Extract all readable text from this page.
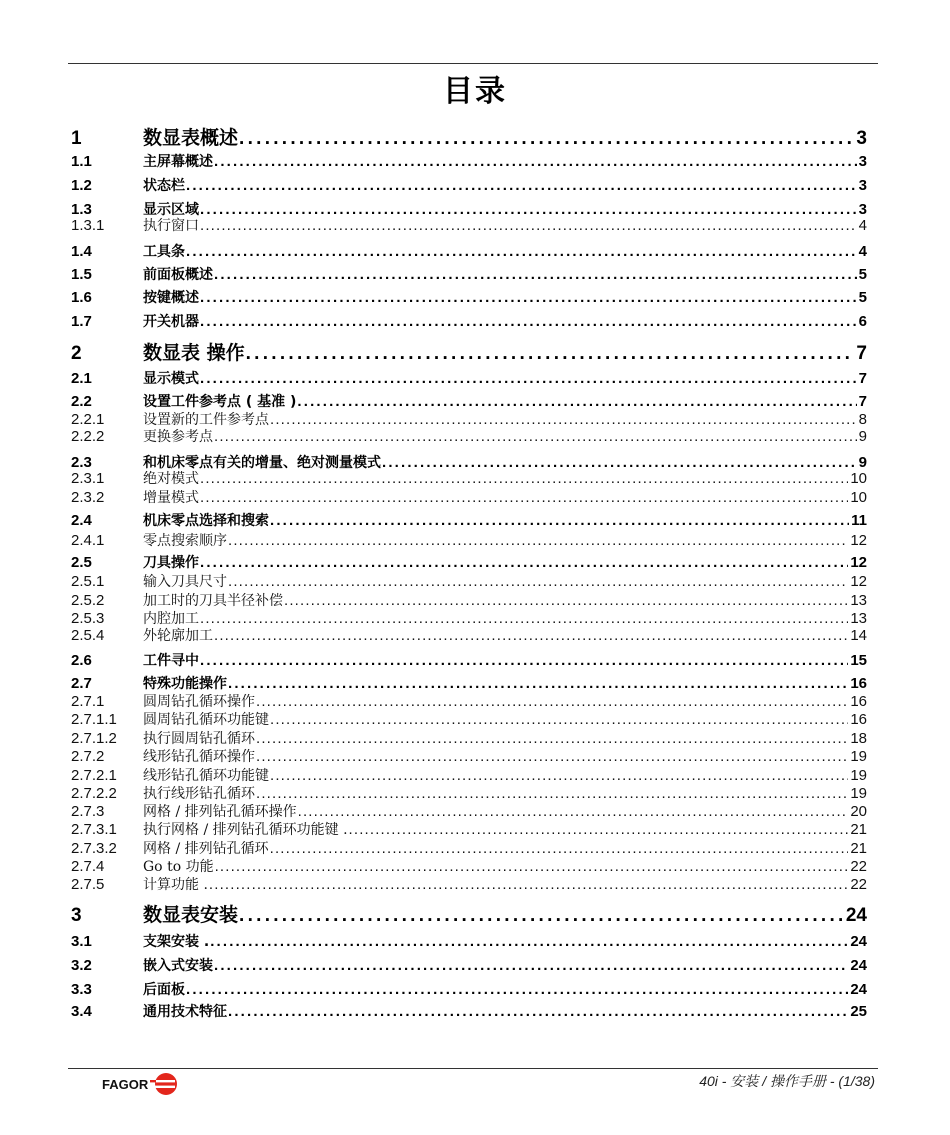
目录
1	数显表概述 . . .	3
1.1	主屏幕概述 . . .	3
1.2	状态栏 . . .	3
1.3	显示区域 . . .	3
1.3.1	执行窗口 . . .	4
1.4	工具条 . . .	4
1.5	前面板概述 . . .	5
1.6	按键概述 . . .	5
1.7	开关机器 . . .	6
2	数显表 操作 . . .	7
2.1	显示模式 . . .	7
2.2	设置工件参考点 ( 基准 ) . . .	7
2.2.1	设置新的工件参考点 . . .	8
2.2.2	更换参考点 . . .	9
2.3	和机床零点有关的增量、绝对测量模式 . . .	9
2.3.1	绝对模式 . . .	10
2.3.2	增量模式 . . .	10
2.4	机床零点选择和搜索 . . .	11
2.4.1	零点搜索顺序 . . .	12
2.5	刀具操作 . . .	12
2.5.1	输入刀具尺寸 . . .	12
2.5.2	加工时的刀具半径补偿 . . .	13
2.5.3	内腔加工 . . .	13
2.5.4	外轮廓加工 . . .	14
2.6	工件寻中 . . .	15
2.7	特殊功能操作 . . .	16
2.7.1	圆周钻孔循环操作 . . .	16
2.7.1.1	圆周钻孔循环功能键 . . .	16
2.7.1.2	执行圆周钻孔循环 . . .	18
2.7.2	线形钻孔循环操作 . . .	19
2.7.2.1	线形钻孔循环功能键 . . .	19
2.7.2.2	执行线形钻孔循环 . . .	19
2.7.3	网格 / 排列钻孔循环操作 . . .	20
2.7.3.1	执行网格 / 排列钻孔循环功能键 . . . .	21
2.7.3.2	网格 / 排列钻孔循环 . . .	21
2.7.4	Go to 功能 . . .	22
2.7.5	计算功能 . . . .	22
3	数显表安装 . . .	24
3.1	支架安装 . . . .	24
3.2	嵌入式安装 . . .	24
3.3	后面板 . . .	24
3.4	通用技术特征 . . .	25
FAGOR	40i - 安装 / 操作手册 - (1/38)
